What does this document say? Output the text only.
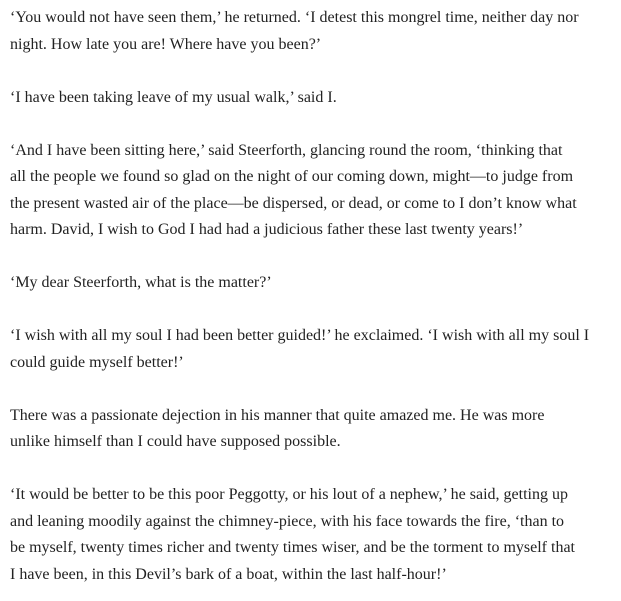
‘You would not have seen them,’ he returned. ‘I detest this mongrel time, neither day nor
night. How late you are! Where have you been?’

‘I have been taking leave of my usual walk,’ said I.

‘And I have been sitting here,’ said Steerforth, glancing round the room, ‘thinking that
all the people we found so glad on the night of our coming down, might—to judge from
the present wasted air of the place—be dispersed, or dead, or come to I don’t know what
harm. David, I wish to God I had had a judicious father these last twenty years!’

‘My dear Steerforth, what is the matter?’

‘I wish with all my soul I had been better guided!’ he exclaimed. ‘I wish with all my soul I
could guide myself better!’

There was a passionate dejection in his manner that quite amazed me. He was more
unlike himself than I could have supposed possible.

‘It would be better to be this poor Peggotty, or his lout of a nephew,’ he said, getting up
and leaning moodily against the chimney-piece, with his face towards the fire, ‘than to
be myself, twenty times richer and twenty times wiser, and be the torment to myself that
I have been, in this Devil’s bark of a boat, within the last half-hour!’
